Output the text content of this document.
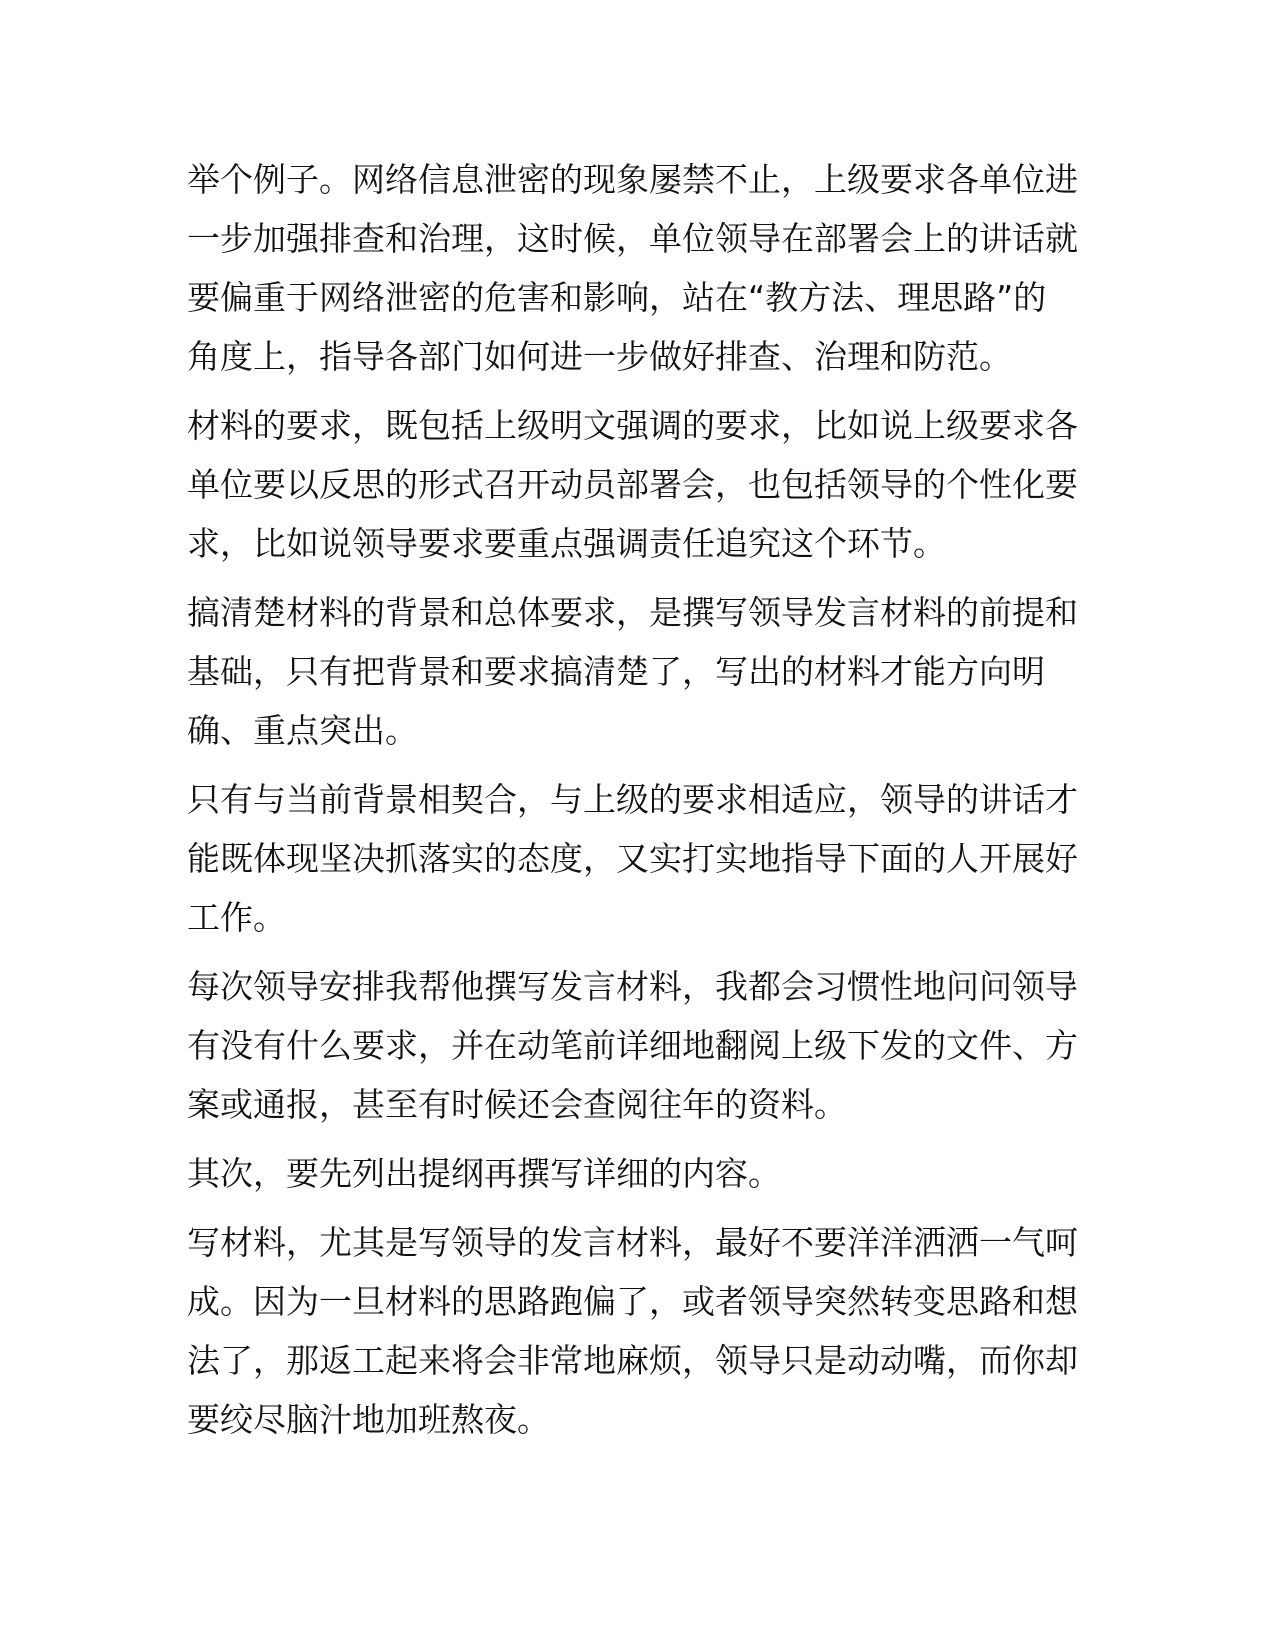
举个例子。网络信息泄密的现象屡禁不止，上级要求各单位进
一步加强排查和治理，这时候，单位领导在部署会上的讲话就
要偏重于网络泄密的危害和影响，站在“教方法、理思路”的
角度上，指导各部门如何进一步做好排查、治理和防范。

材料的要求，既包括上级明文强调的要求，比如说上级要求各
单位要以反思的形式召开动员部署会，也包括领导的个性化要
求，比如说领导要求要重点强调责任追究这个环节。

搞清楚材料的背景和总体要求，是撰写领导发言材料的前提和
基础，只有把背景和要求搞清楚了，写出的材料才能方向明
确、重点突出。

只有与当前背景相契合，与上级的要求相适应，领导的讲话才
能既体现坚决抓落实的态度，又实打实地指导下面的人开展好
工作。

每次领导安排我帮他撰写发言材料，我都会习惯性地问问领导
有没有什么要求，并在动笔前详细地翻阅上级下发的文件、方
案或通报，甚至有时候还会查阅往年的资料。

其次，要先列出提纲再撰写详细的内容。

写材料，尤其是写领导的发言材料，最好不要洋洋洒洒一气呵
成。因为一旦材料的思路跑偏了，或者领导突然转变思路和想
法了，那返工起来将会非常地麻烦，领导只是动动嘴，而你却
要绞尽脑汁地加班熬夜。
